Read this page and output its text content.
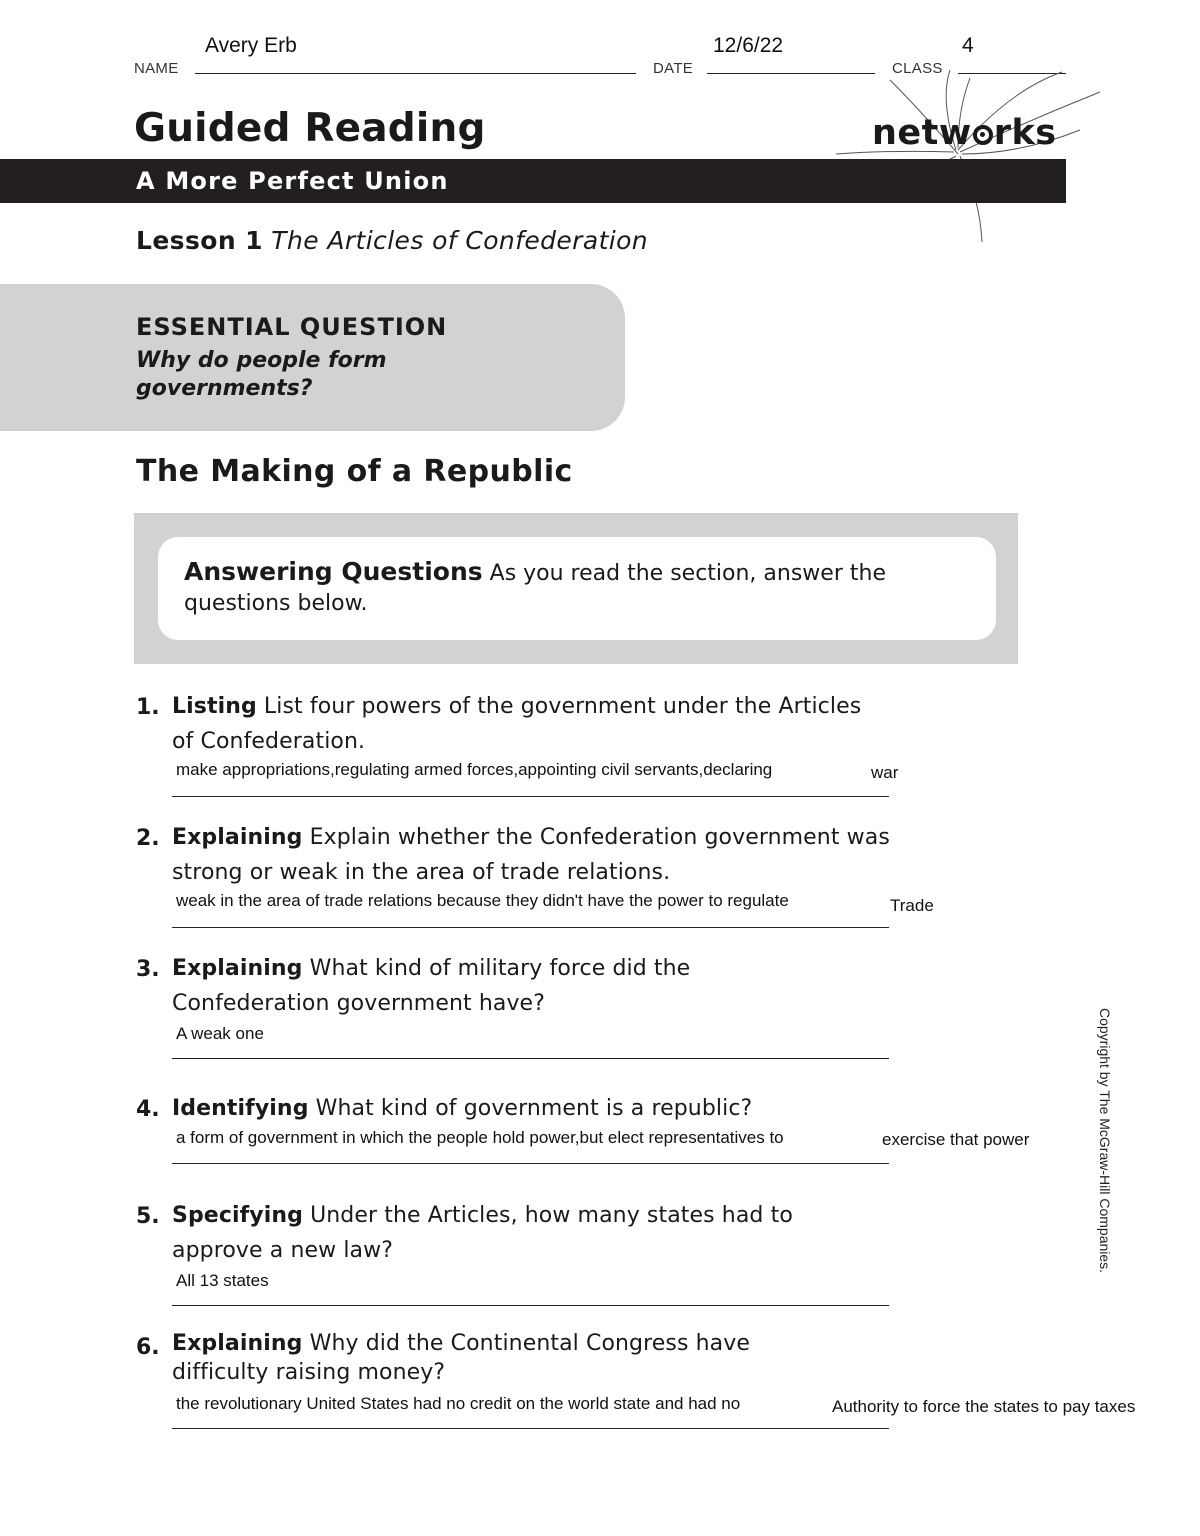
NAME
Avery Erb
DATE
12/6/22
CLASS
4
Guided Reading	netw rks
A More Perfect Union
Lesson 1 The Articles of Confederation
ESSENTIAL QUESTION
Why do people form governments?
The Making of a Republic
Answering Questions As you read the section, answer the questions below.
1. Listing List four powers of the government under the Articles of Confederation.
make appropriations,regulating armed forces,appointing civil servants,declaring	war
2. Explaining Explain whether the Confederation government was strong or weak in the area of trade relations.
weak in the area of trade relations because they didn't have the power to regulate	Trade
3. Explaining What kind of military force did the Confederation government have?
A weak one
4. Identifying What kind of government is a republic?
a form of government in which the people hold power,but elect representatives to	exercise that power
5. Specifying Under the Articles, how many states had to approve a new law?
All 13 states
6. Explaining Why did the Continental Congress have difficulty raising money?
the revolutionary United States had no credit on the world state and had no	Authority to force the states to pay taxes
Copyright by The McGraw-Hill Companies.
